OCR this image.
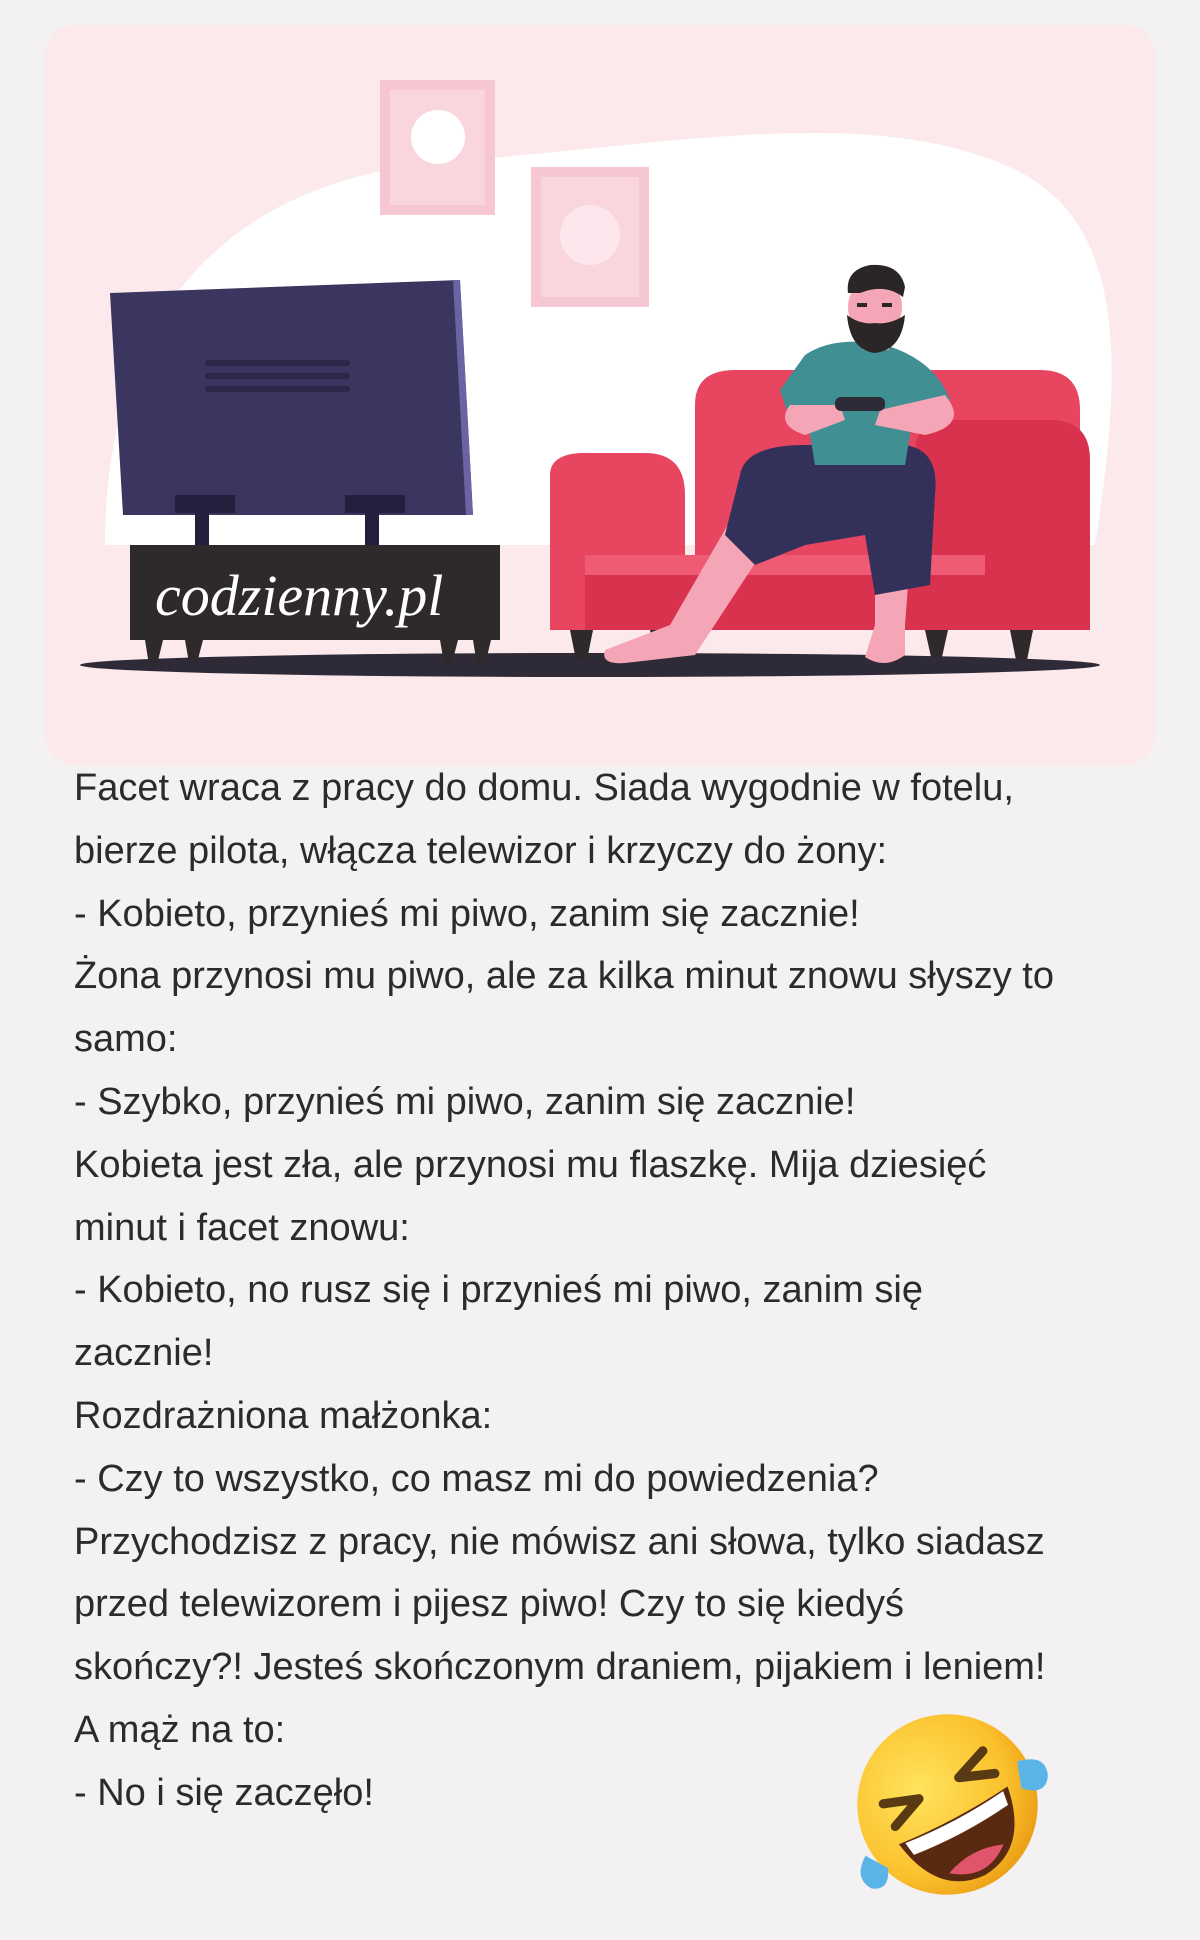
codzienny.pl
Facet wraca z pracy do domu. Siada wygodnie w fotelu,
bierze pilota, włącza telewizor i krzyczy do żony:
- Kobieto, przynieś mi piwo, zanim się zacznie!
Żona przynosi mu piwo, ale za kilka minut znowu słyszy to
samo:
- Szybko, przynieś mi piwo, zanim się zacznie!
Kobieta jest zła, ale przynosi mu flaszkę. Mija dziesięć
minut i facet znowu:
- Kobieto, no rusz się i przynieś mi piwo, zanim się
zacznie!
Rozdrażniona małżonka:
- Czy to wszystko, co masz mi do powiedzenia?
Przychodzisz z pracy, nie mówisz ani słowa, tylko siadasz
przed telewizorem i pijesz piwo! Czy to się kiedyś
skończy?! Jesteś skończonym draniem, pijakiem i leniem!
A mąż na to:
- No i się zaczęło!
